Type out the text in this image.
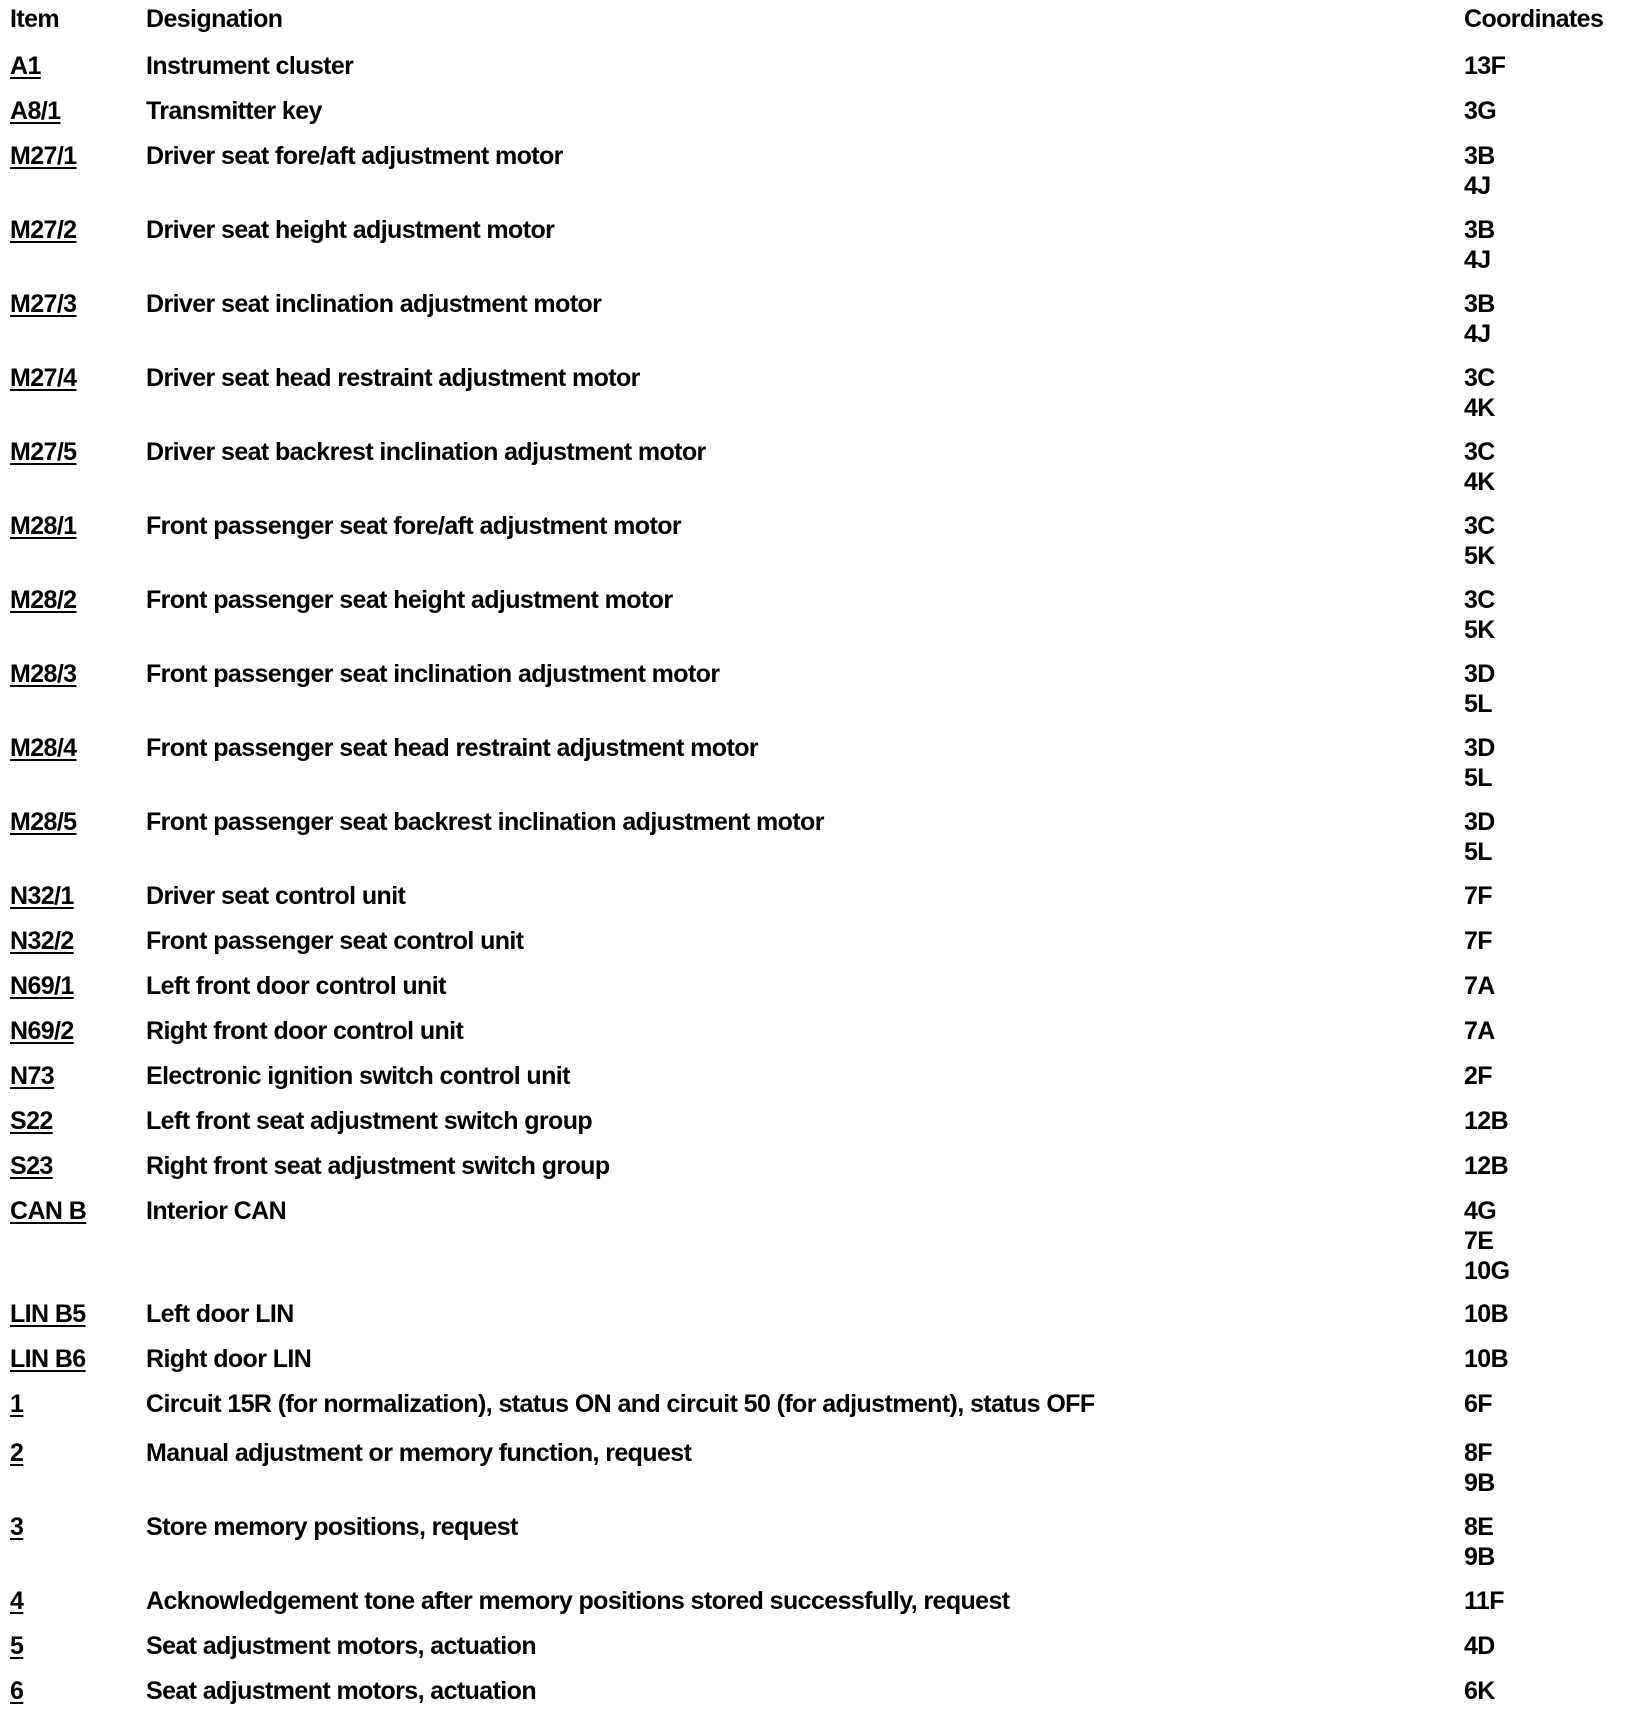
Item	Designation	Coordinates
A1	Instrument cluster	13F
A8/1	Transmitter key	3G
M27/1	Driver seat fore/aft adjustment motor	3B
4J
M27/2	Driver seat height adjustment motor	3B
4J
M27/3	Driver seat inclination adjustment motor	3B
4J
M27/4	Driver seat head restraint adjustment motor	3C
4K
M27/5	Driver seat backrest inclination adjustment motor	3C
4K
M28/1	Front passenger seat fore/aft adjustment motor	3C
5K
M28/2	Front passenger seat height adjustment motor	3C
5K
M28/3	Front passenger seat inclination adjustment motor	3D
5L
M28/4	Front passenger seat head restraint adjustment motor	3D
5L
M28/5	Front passenger seat backrest inclination adjustment motor	3D
5L
N32/1	Driver seat control unit	7F
N32/2	Front passenger seat control unit	7F
N69/1	Left front door control unit	7A
N69/2	Right front door control unit	7A
N73	Electronic ignition switch control unit	2F
S22	Left front seat adjustment switch group	12B
S23	Right front seat adjustment switch group	12B
CAN B	Interior CAN	4G
7E
10G
LIN B5	Left door LIN	10B
LIN B6	Right door LIN	10B
1	Circuit 15R (for normalization), status ON and circuit 50 (for adjustment), status OFF	6F
2	Manual adjustment or memory function, request	8F
9B
3	Store memory positions, request	8E
9B
4	Acknowledgement tone after memory positions stored successfully, request	11F
5	Seat adjustment motors, actuation	4D
6	Seat adjustment motors, actuation	6K
